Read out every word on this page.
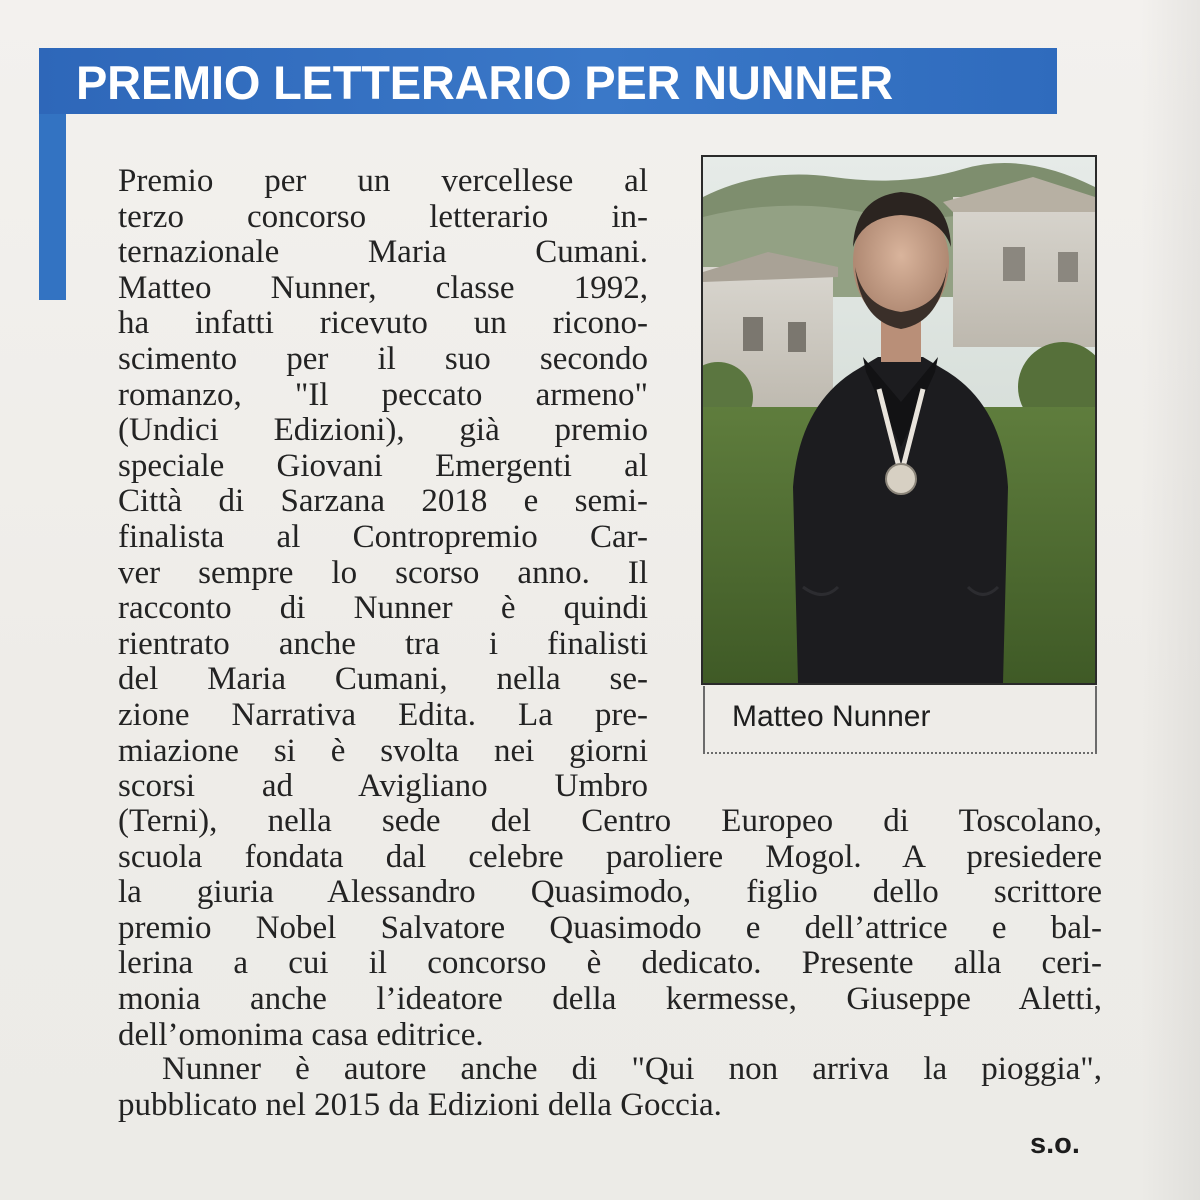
PREMIO LETTERARIO PER NUNNER
Premio per un vercellese al
terzo concorso letterario in-
ternazionale Maria Cumani.
Matteo Nunner, classe 1992,
ha infatti ricevuto un ricono-
scimento per il suo secondo
romanzo, "Il peccato armeno"
(Undici Edizioni), già premio
speciale Giovani Emergenti al
Città di Sarzana 2018 e semi-
finalista al Contropremio Car-
ver sempre lo scorso anno. Il
racconto di Nunner è quindi
rientrato anche tra i finalisti
del Maria Cumani, nella se-
zione Narrativa Edita. La pre-
miazione si è svolta nei giorni
scorsi ad Avigliano Umbro

Matteo Nunner

(Terni), nella sede del Centro Europeo di Toscolano,
scuola fondata dal celebre paroliere Mogol. A presiedere
la giuria Alessandro Quasimodo, figlio dello scrittore
premio Nobel Salvatore Quasimodo e dell’attrice e bal-
lerina a cui il concorso è dedicato. Presente alla ceri-
monia anche l’ideatore della kermesse, Giuseppe Aletti,
dell’omonima casa editrice.
Nunner è autore anche di "Qui non arriva la pioggia",
pubblicato nel 2015 da Edizioni della Goccia.

s.o.
